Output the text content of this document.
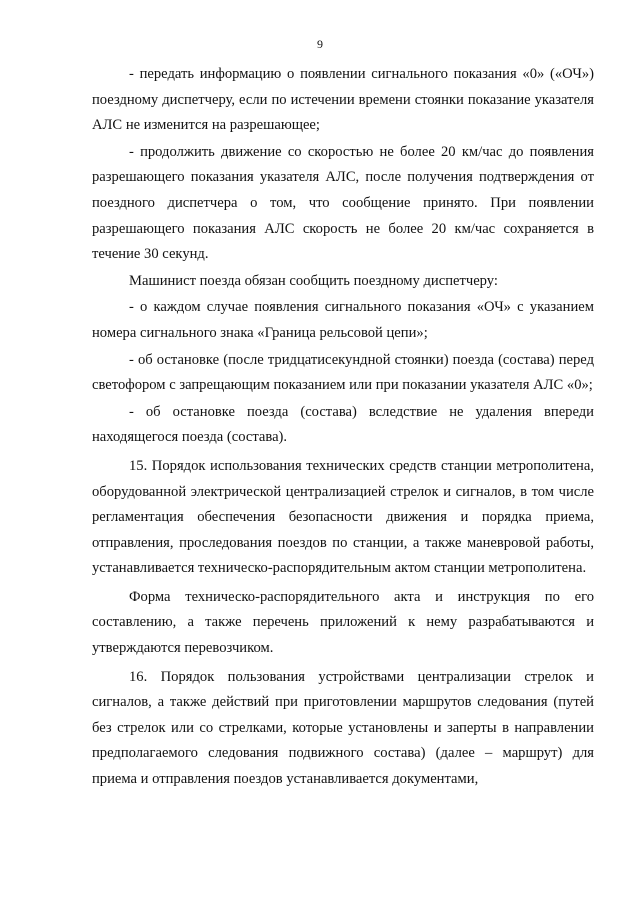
9

- передать информацию о появлении сигнального показания «0» («ОЧ») поездному диспетчеру, если по истечении времени стоянки показание указателя АЛС не изменится на разрешающее;

- продолжить движение со скоростью не более 20 км/час до появления разрешающего показания указателя АЛС, после получения подтверждения от поездного диспетчера о том, что сообщение принято. При появлении разрешающего показания АЛС скорость не более 20 км/час сохраняется в течение 30 секунд.

Машинист поезда обязан сообщить поездному диспетчеру:

- о каждом случае появления сигнального показания «ОЧ» с указанием номера сигнального знака «Граница рельсовой цепи»;

- об остановке (после тридцатисекундной стоянки) поезда (состава) перед светофором с запрещающим показанием или при показании указателя АЛС «0»;

- об остановке поезда (состава) вследствие не удаления впереди находящегося поезда (состава).

15. Порядок использования технических средств станции метрополитена, оборудованной электрической централизацией стрелок и сигналов, в том числе регламентация обеспечения безопасности движения и порядка приема, отправления, проследования поездов по станции, а также маневровой работы, устанавливается техническо-распорядительным актом станции метрополитена.

Форма техническо-распорядительного акта и инструкция по его составлению, а также перечень приложений к нему разрабатываются и утверждаются перевозчиком.

16. Порядок пользования устройствами централизации стрелок и сигналов, а также действий при приготовлении маршрутов следования (путей без стрелок или со стрелками, которые установлены и заперты в направлении предполагаемого следования подвижного состава) (далее – маршрут) для приема и отправления поездов устанавливается документами,
